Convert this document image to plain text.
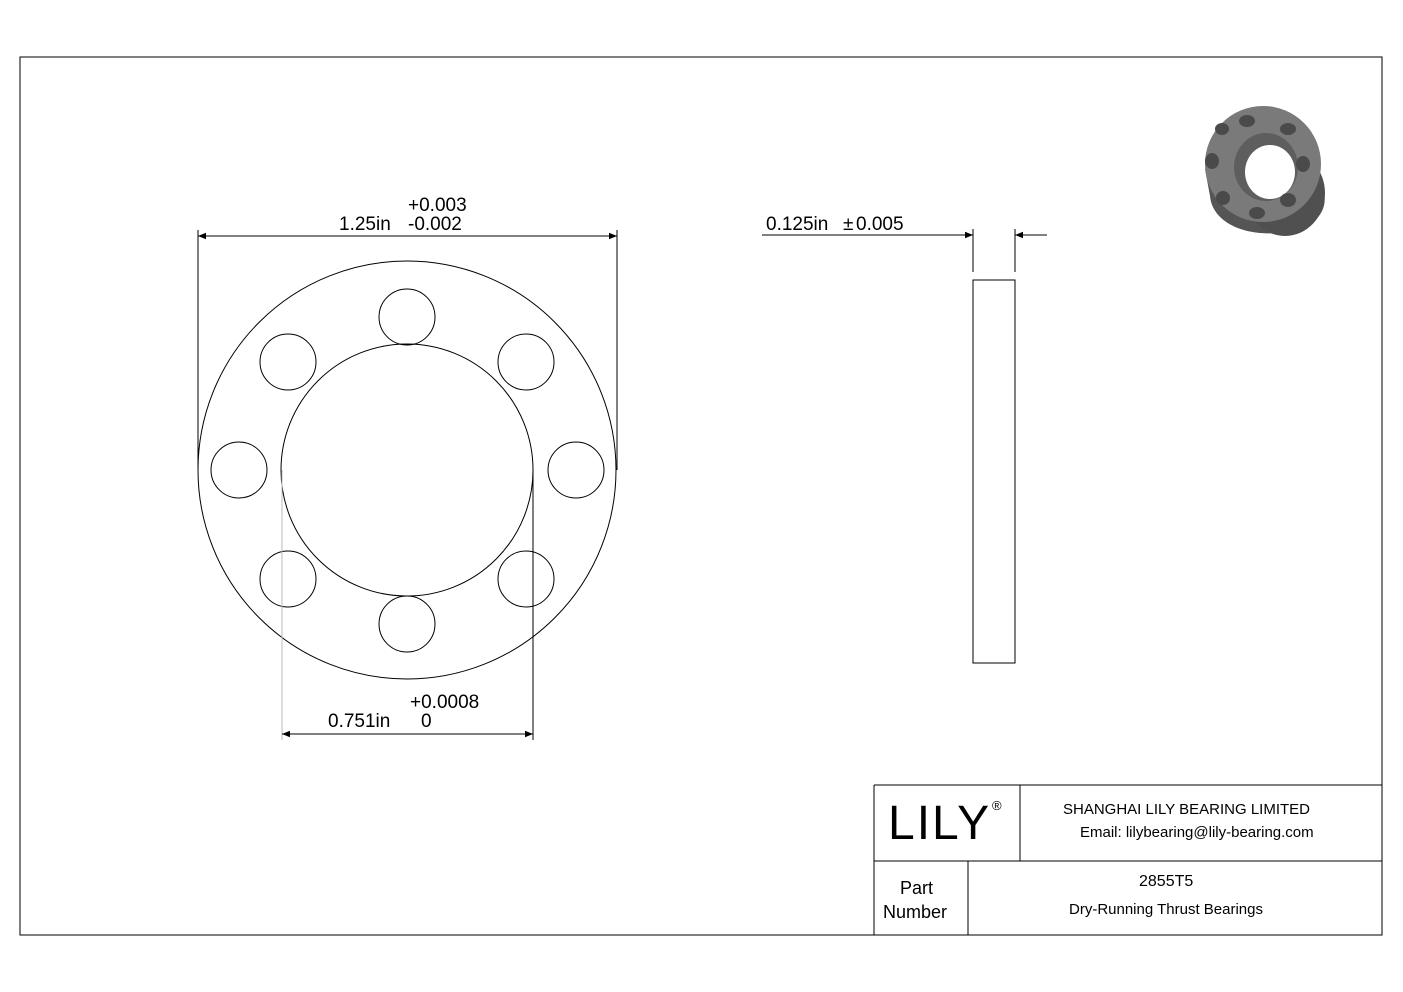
+0.003
1.25in -0.002
+0.0008
0.751in 0
0.125in ± 0.005
LILY ®	SHANGHAI LILY BEARING LIMITED
Email: lilybearing@lily-bearing.com
Part
Number
2855T5
Dry-Running Thrust Bearings
